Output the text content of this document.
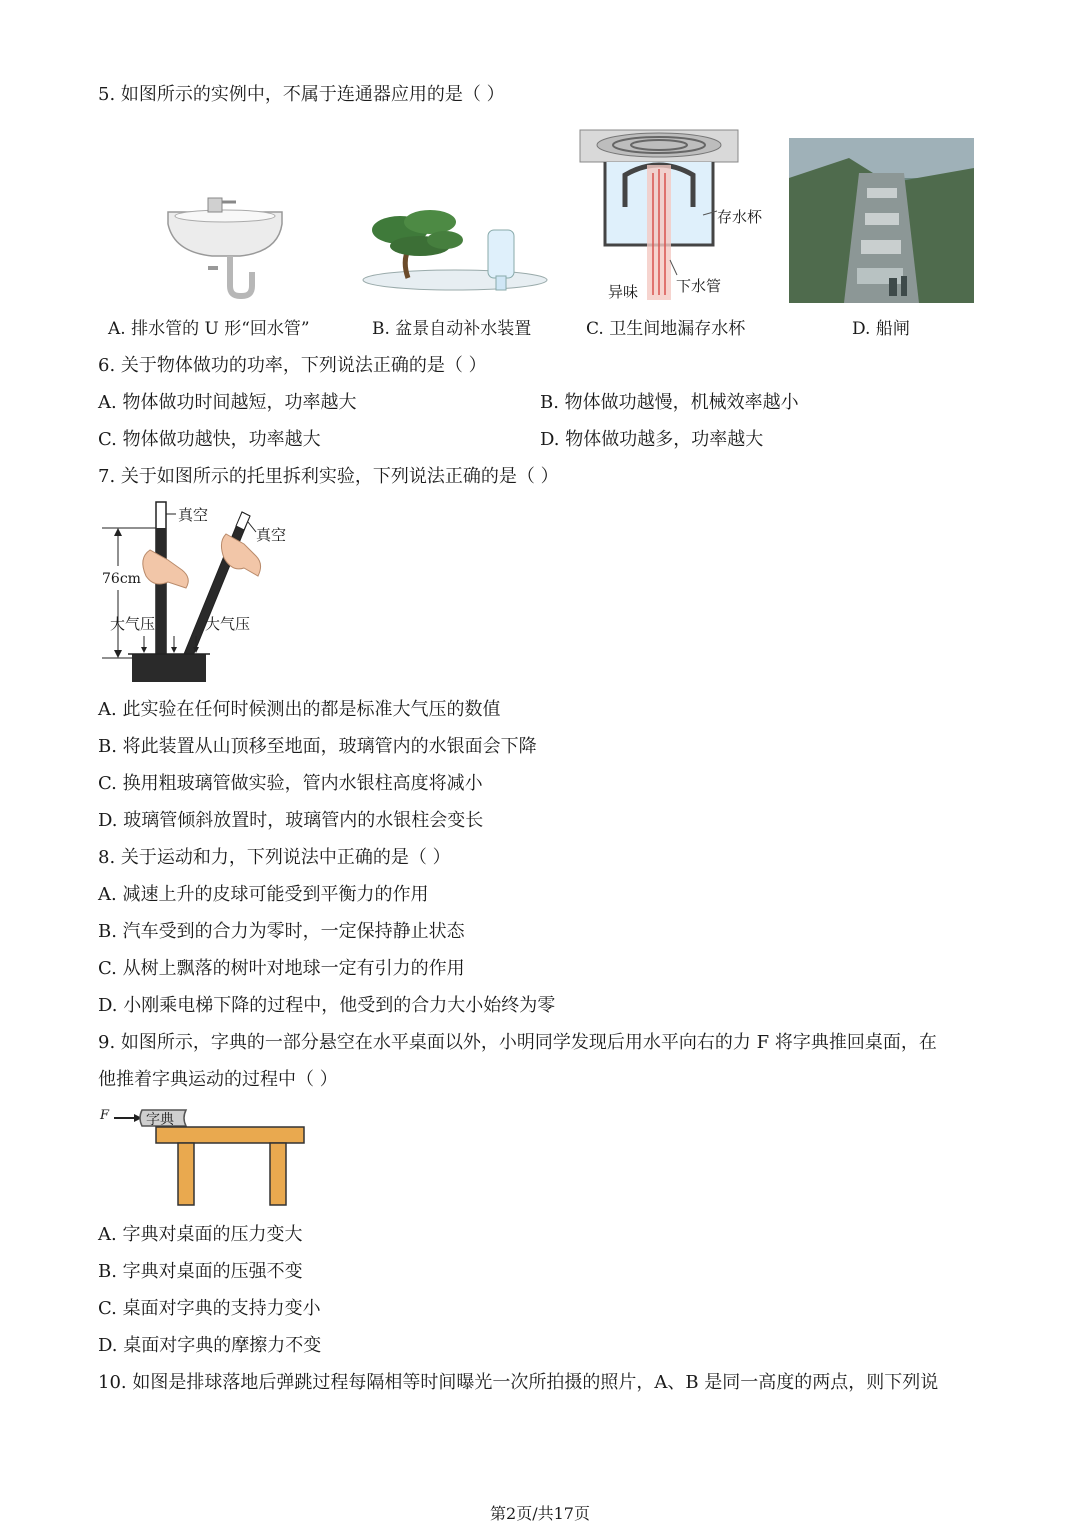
5. 如图所示的实例中，不属于连通器应用的是（ ）
存水杯
异味	下水管
A. 排水管的 U 形“回水管”	B. 盆景自动补水装置	C. 卫生间地漏存水杯	D. 船闸
6. 关于物体做功的功率，下列说法正确的是（ ）
A. 物体做功时间越短，功率越大	B. 物体做功越慢，机械效率越小
C. 物体做功越快，功率越大	D. 物体做功越多，功率越大
7. 关于如图所示的托里拆利实验，下列说法正确的是（ ）
真空
真空
76cm
大气压	大气压
A. 此实验在任何时候测出的都是标准大气压的数值
B. 将此装置从山顶移至地面，玻璃管内的水银面会下降
C. 换用粗玻璃管做实验，管内水银柱高度将减小
D. 玻璃管倾斜放置时，玻璃管内的水银柱会变长
8. 关于运动和力，下列说法中正确的是（ ）
A. 减速上升的皮球可能受到平衡力的作用
B. 汽车受到的合力为零时，一定保持静止状态
C. 从树上飘落的树叶对地球一定有引力的作用
D. 小刚乘电梯下降的过程中，他受到的合力大小始终为零
9. 如图所示，字典的一部分悬空在水平桌面以外，小明同学发现后用水平向右的力 F 将字典推回桌面，在
他推着字典运动的过程中（ ）
F	字典
A. 字典对桌面的压力变大
B. 字典对桌面的压强不变
C. 桌面对字典的支持力变小
D. 桌面对字典的摩擦力不变
10. 如图是排球落地后弹跳过程每隔相等时间曝光一次所拍摄的照片，A、B 是同一高度的两点，则下列说
第2页/共17页
